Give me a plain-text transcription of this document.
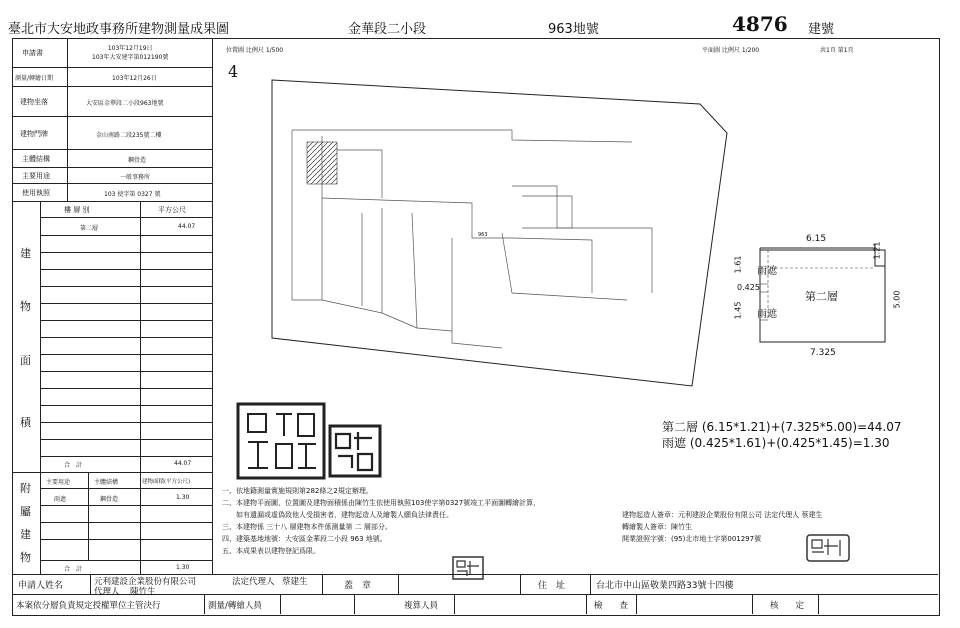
臺北市大安地政事務所建物測量成果圖	金華段二小段	963地號	4876 建號
申請書
103年12月19日
103年大安建字第012190號
測量/轉繪日期	103年12月26日
建物坐落	大安區金華段二小段963地號
建物門牌	金山南路二段235號二樓
主體結構	鋼骨造
主要用途	一般事務所
使用執照	103 使字第 0327 號
樓 層 別	平方公尺
建
物
面
積
第二層	44.07
合　計	44.07
主要用途	主體結構	建物面積(平方公尺)
附
屬
建
物
雨遮	鋼骨造	1.30
合　計	1.30
位置圖 比例尺 1/500	平面圖 比例尺 1/200	共1頁 第1頁
4
963	6.15
1.21
1.61
0.425
1.45
5.00
7.325
雨遮
雨遮
第二層
第二層 (6.15*1.21)+(7.325*5.00)=44.07
雨遮 (0.425*1.61)+(0.425*1.45)=1.30
一、依地籍測量實施規則第282條之2規定辦理。
二、本建物平面圖，位置圖及建物面積係由陳竹生依使用執照103使字第0327號竣工平面圖轉繪計算，
　　如有遺漏或虛偽致他人受損害者，建物起造人及繪製人願負法律責任。
三、本建物係 三十八 層建物本件係測量第 二 層部分。
四、建築基地地號：大安區金華段二小段 963 地號。
五、本成果表以建物登記爲限。
建物起造人簽章：元利建設企業股份有限公司 法定代理人 蔡建生
轉繪製人簽章：陳竹生
開業證照字號：(95)北市地士字第001297號
申請人姓名	元利建設企業股份有限公司	法定代理人 蔡建生
代理人 陳竹生
蓋　章	住　址	台北市中山區敬業四路33號十四樓
本案依分層負責規定授權單位主管決行	測量/轉繪人員	複算人員	檢　　查	核　　定
